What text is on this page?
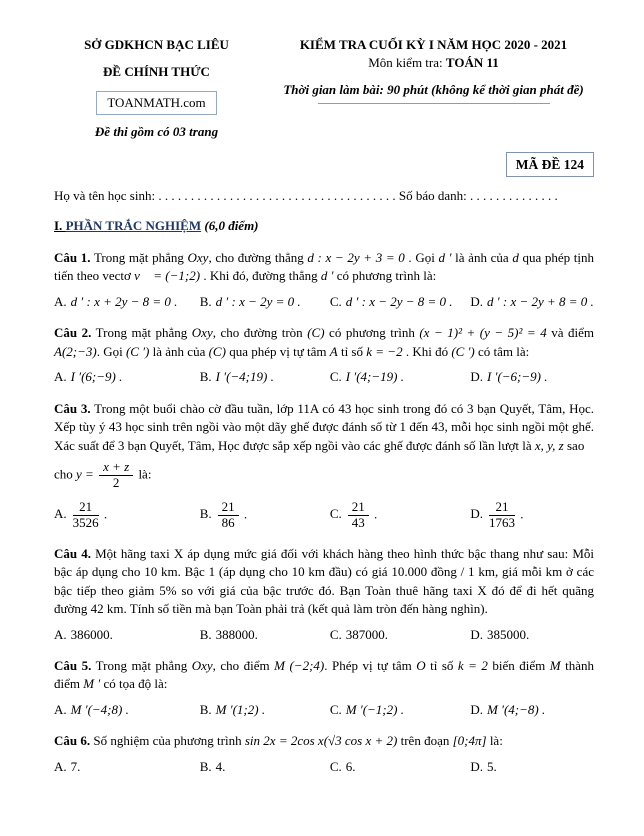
SỞ GDKHCN BẠC LIÊU

ĐỀ CHÍNH THỨC

TOANMATH.com

Đề thi gồm có 03 trang

KIỂM TRA CUỐI KỲ I NĂM HỌC 2020 - 2021

Môn kiểm tra: TOÁN 11

Thời gian làm bài: 90 phút (không kể thời gian phát đề)
MÃ ĐỀ 124

Họ và tên học sinh: . . . . . . . . . . . . . . . . . . . . . . . . . . . . . . . . . . . . . Số báo danh: . . . . . . . . . . . . . .

I. PHẦN TRẮC NGHIỆM (6,0 điểm)

Câu 1. Trong mặt phẳng Oxy, cho đường thẳng d : x − 2y + 3 = 0 . Gọi d ′ là ảnh của d qua phép tịnh tiến theo vectơ v⃗ = (−1;2) . Khi đó, đường thẳng d ′ có phương trình là:

A. d ′ : x + 2y − 8 = 0 .	B. d ′ : x − 2y = 0 .	C. d ′ : x − 2y − 8 = 0 .	D. d ′ : x − 2y + 8 = 0 .

Câu 2. Trong mặt phẳng Oxy, cho đường tròn (C) có phương trình (x − 1)² + (y − 5)² = 4 và điểm A(2;−3). Gọi (C ′) là ảnh của (C) qua phép vị tự tâm A tỉ số k = −2 . Khi đó (C ′) có tâm là:

A. I ′(6;−9) .	B. I ′(−4;19) .	C. I ′(4;−19) .	D. I ′(−6;−9) .

Câu 3. Trong một buổi chào cờ đầu tuần, lớp 11A có 43 học sinh trong đó có 3 bạn Quyết, Tâm, Học. Xếp tùy ý 43 học sinh trên ngồi vào một dãy ghế được đánh số từ 1 đến 43, mỗi học sinh ngồi một ghế. Xác suất để 3 bạn Quyết, Tâm, Học được sắp xếp ngồi vào các ghế được đánh số lần lượt là x, y, z sao

cho $y = \frac{x + z}{2}$ là:

A. $\frac{21}{3526}$ .	B. $\frac{21}{86}$ .	C. $\frac{21}{43}$ .	D. $\frac{21}{1763}$ .

Câu 4. Một hãng taxi X áp dụng mức giá đối với khách hàng theo hình thức bậc thang như sau: Mỗi bậc áp dụng cho 10 km. Bậc 1 (áp dụng cho 10 km đầu) có giá 10.000 đồng / 1 km, giá mỗi km ở các bậc tiếp theo giảm 5% so với giá của bậc trước đó. Bạn Toàn thuê hãng taxi X đó để đi hết quãng đường 42 km. Tính số tiền mà bạn Toàn phải trả (kết quả làm tròn đến hàng nghìn).

A. 386000.	B. 388000.	C. 387000.	D. 385000.

Câu 5. Trong mặt phẳng Oxy, cho điểm M (−2;4). Phép vị tự tâm O tỉ số k = 2 biến điểm M thành điểm M ′ có tọa độ là:

A. M ′(−4;8) .	B. M ′(1;2) .	C. M ′(−1;2) .	D. M ′(4;−8) .

Câu 6. Số nghiệm của phương trình sin 2x = 2cos x(√3 cos x + 2) trên đoạn [0;4π] là:

A. 7.	B. 4.	C. 6.	D. 5.
